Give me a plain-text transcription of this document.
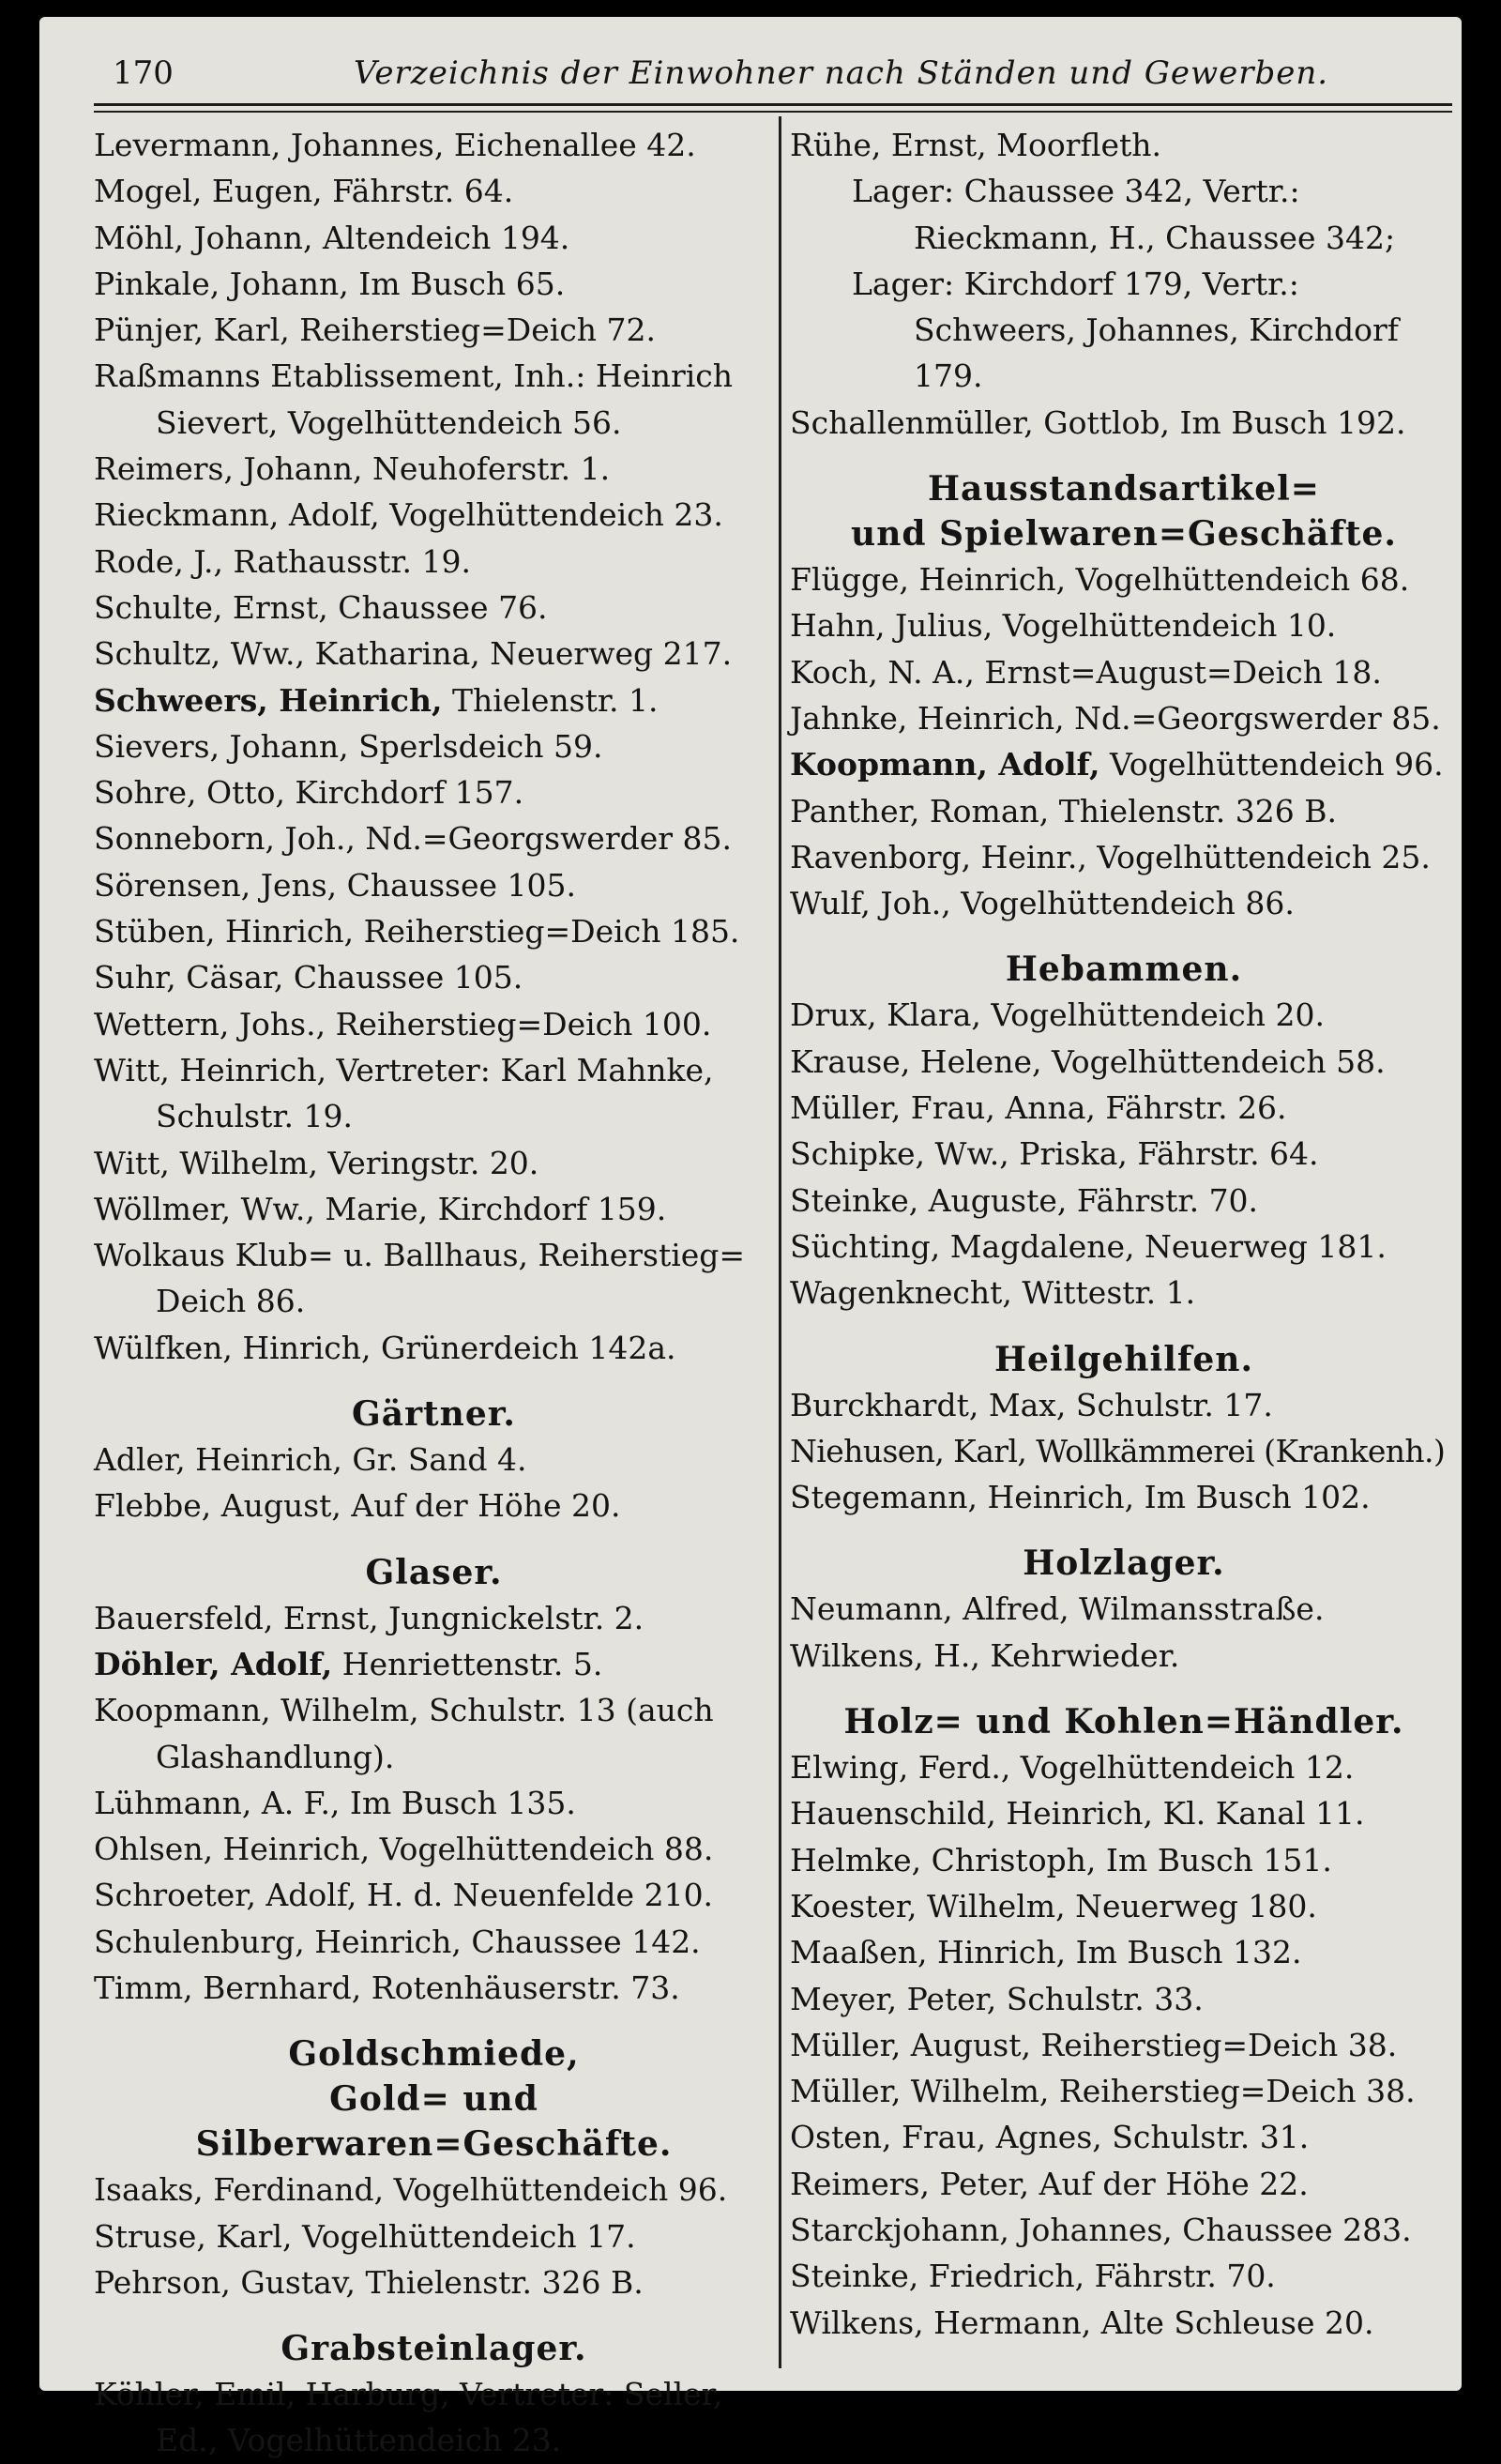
170	Verzeichnis der Einwohner nach Ständen und Gewerben.
Levermann, Johannes, Eichenallee 42.
Mogel, Eugen, Fährstr. 64.
Möhl, Johann, Altendeich 194.
Pinkale, Johann, Im Busch 65.
Pünjer, Karl, Reiherstieg=Deich 72.
Raßmanns Etablissement, Inh.: Heinrich Sievert, Vogelhüttendeich 56.
Reimers, Johann, Neuhoferstr. 1.
Rieckmann, Adolf, Vogelhüttendeich 23.
Rode, J., Rathausstr. 19.
Schulte, Ernst, Chaussee 76.
Schultz, Ww., Katharina, Neuerweg 217.
Schweers, Heinrich, Thielenstr. 1.
Sievers, Johann, Sperlsdeich 59.
Sohre, Otto, Kirchdorf 157.
Sonneborn, Joh., Nd.=Georgswerder 85.
Sörensen, Jens, Chaussee 105.
Stüben, Hinrich, Reiherstieg=Deich 185.
Suhr, Cäsar, Chaussee 105.
Wettern, Johs., Reiherstieg=Deich 100.
Witt, Heinrich, Vertreter: Karl Mahnke, Schulstr. 19.
Witt, Wilhelm, Veringstr. 20.
Wöllmer, Ww., Marie, Kirchdorf 159.
Wolkaus Klub= u. Ballhaus, Reiherstieg= Deich 86.
Wülfken, Hinrich, Grünerdeich 142a.
Gärtner.
Adler, Heinrich, Gr. Sand 4.
Flebbe, August, Auf der Höhe 20.
Glaser.
Bauersfeld, Ernst, Jungnickelstr. 2.
Döhler, Adolf, Henriettenstr. 5.
Koopmann, Wilhelm, Schulstr. 13 (auch Glashandlung).
Lühmann, A. F., Im Busch 135.
Ohlsen, Heinrich, Vogelhüttendeich 88.
Schroeter, Adolf, H. d. Neuenfelde 210.
Schulenburg, Heinrich, Chaussee 142.
Timm, Bernhard, Rotenhäuserstr. 73.
Goldschmiede,
Gold= und Silberwaren=Geschäfte.
Isaaks, Ferdinand, Vogelhüttendeich 96.
Struse, Karl, Vogelhüttendeich 17.
Pehrson, Gustav, Thielenstr. 326 B.
Grabsteinlager.
Köhler, Emil, Harburg, Vertreter: Seller, Ed., Vogelhüttendeich 23.
Rühe, Ernst, Moorfleth.
Lager: Chaussee 342, Vertr.: Rieckmann, H., Chaussee 342;
Lager: Kirchdorf 179, Vertr.: Schweers, Johannes, Kirchdorf 179.
Schallenmüller, Gottlob, Im Busch 192.
Hausstandsartikel=
und Spielwaren=Geschäfte.
Flügge, Heinrich, Vogelhüttendeich 68.
Hahn, Julius, Vogelhüttendeich 10.
Koch, N. A., Ernst=August=Deich 18.
Jahnke, Heinrich, Nd.=Georgswerder 85.
Koopmann, Adolf, Vogelhüttendeich 96.
Panther, Roman, Thielenstr. 326 B.
Ravenborg, Heinr., Vogelhüttendeich 25.
Wulf, Joh., Vogelhüttendeich 86.
Hebammen.
Drux, Klara, Vogelhüttendeich 20.
Krause, Helene, Vogelhüttendeich 58.
Müller, Frau, Anna, Fährstr. 26.
Schipke, Ww., Priska, Fährstr. 64.
Steinke, Auguste, Fährstr. 70.
Süchting, Magdalene, Neuerweg 181.
Wagenknecht, Wittestr. 1.
Heilgehilfen.
Burckhardt, Max, Schulstr. 17.
Niehusen, Karl, Wollkämmerei (Krankenh.)
Stegemann, Heinrich, Im Busch 102.
Holzlager.
Neumann, Alfred, Wilmansstraße.
Wilkens, H., Kehrwieder.
Holz= und Kohlen=Händler.
Elwing, Ferd., Vogelhüttendeich 12.
Hauenschild, Heinrich, Kl. Kanal 11.
Helmke, Christoph, Im Busch 151.
Koester, Wilhelm, Neuerweg 180.
Maaßen, Hinrich, Im Busch 132.
Meyer, Peter, Schulstr. 33.
Müller, August, Reiherstieg=Deich 38.
Müller, Wilhelm, Reiherstieg=Deich 38.
Osten, Frau, Agnes, Schulstr. 31.
Reimers, Peter, Auf der Höhe 22.
Starckjohann, Johannes, Chaussee 283.
Steinke, Friedrich, Fährstr. 70.
Wilkens, Hermann, Alte Schleuse 20.
